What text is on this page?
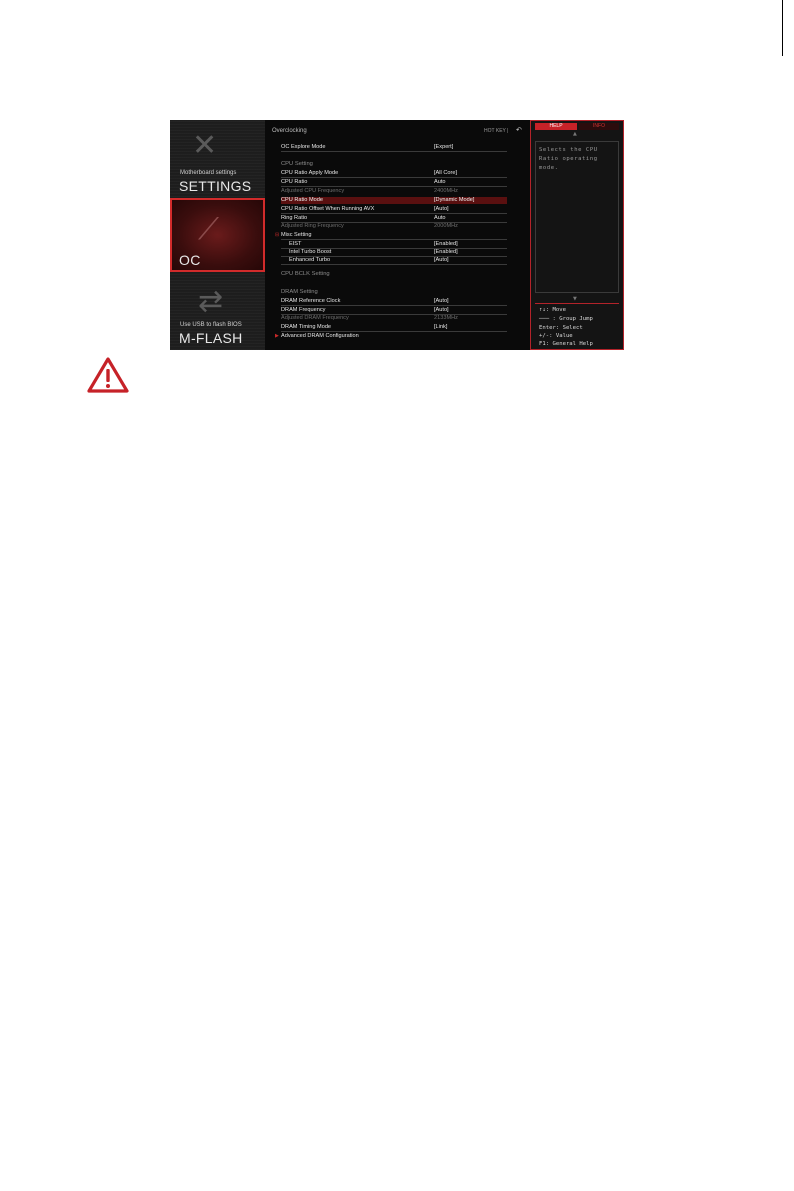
✕
Motherboard settings
SETTINGS
⟋
OC
⇄
Use USB to flash BIOS
M-FLASH
Overclocking	HOT KEY | ↶
OC Explore Mode	[Expert]
CPU Setting
CPU Ratio Apply Mode	[All Core]
CPU Ratio	Auto
Adjusted CPU Frequency	2400MHz
CPU Ratio Mode	[Dynamic Mode]
CPU Ratio Offset When Running AVX	[Auto]
Ring Ratio	Auto
Adjusted Ring Frequency	2000MHz
⊟ Misc Setting
EIST	[Enabled]
Intel Turbo Boost	[Enabled]
Enhanced Turbo	[Auto]
CPU BCLK Setting
DRAM Setting
DRAM Reference Clock	[Auto]
DRAM Frequency	[Auto]
Adjusted DRAM Frequency	2133MHz
DRAM Timing Mode	[Link]
▶ Advanced DRAM Configuration
HELP	INFO
▲
Selects the CPU Ratio operating mode.
▼
↑↓: Move
─── : Group Jump
Enter: Select
+/-: Value
F1: General Help
